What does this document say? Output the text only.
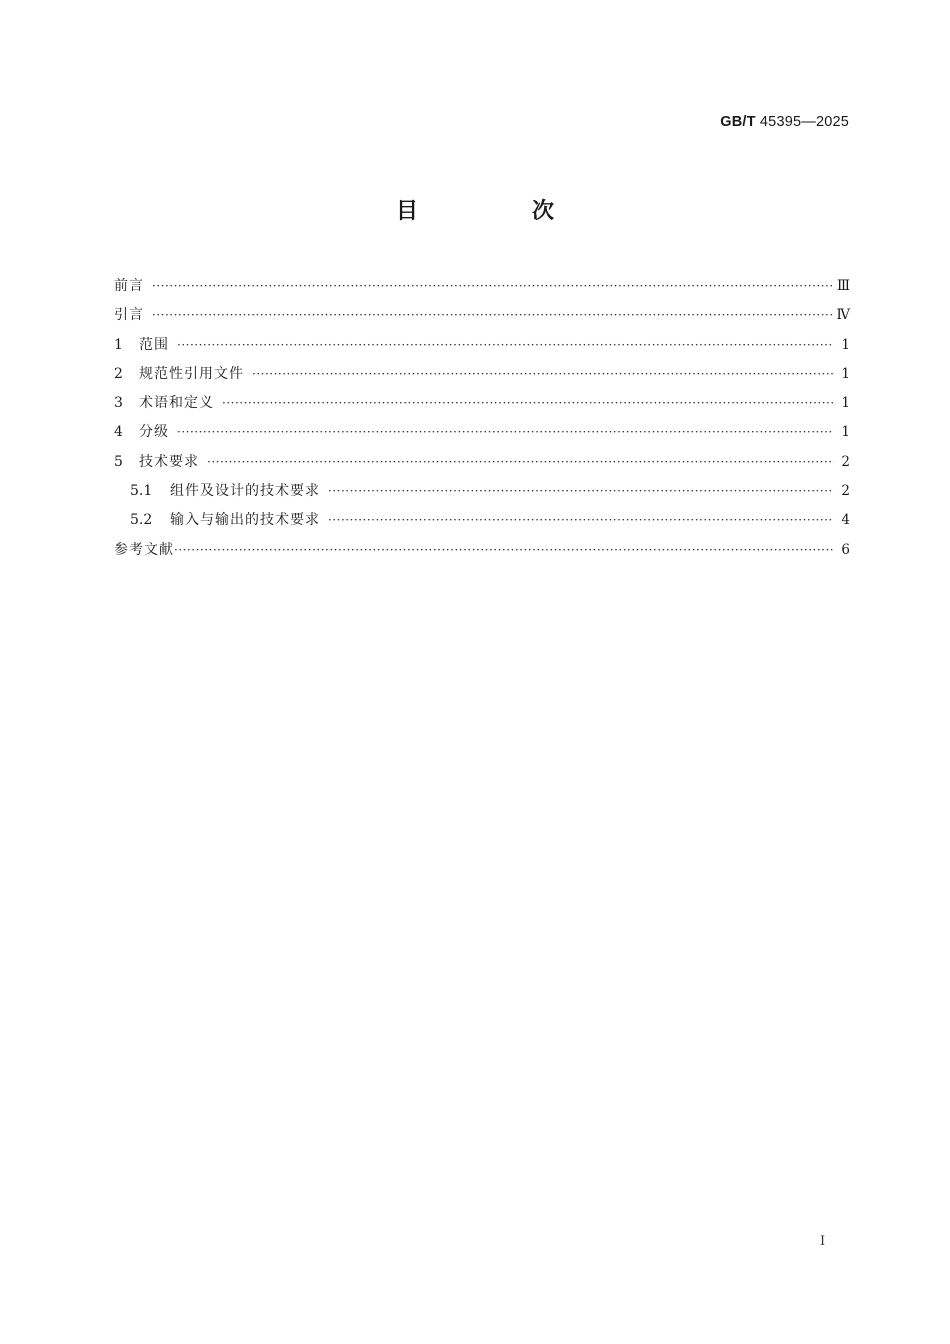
GB/T 45395—2025
目　次
前言 ·····	Ⅲ
引言 ·····	Ⅳ
1	范围 ·····	1
2	规范性引用文件 ·····	1
3	术语和定义 ·····	1
4	分级 ·····	1
5	技术要求 ·····	2
5.1	组件及设计的技术要求 ·····	2
5.2	输入与输出的技术要求 ·····	4
参考文献 ·····	6
I
